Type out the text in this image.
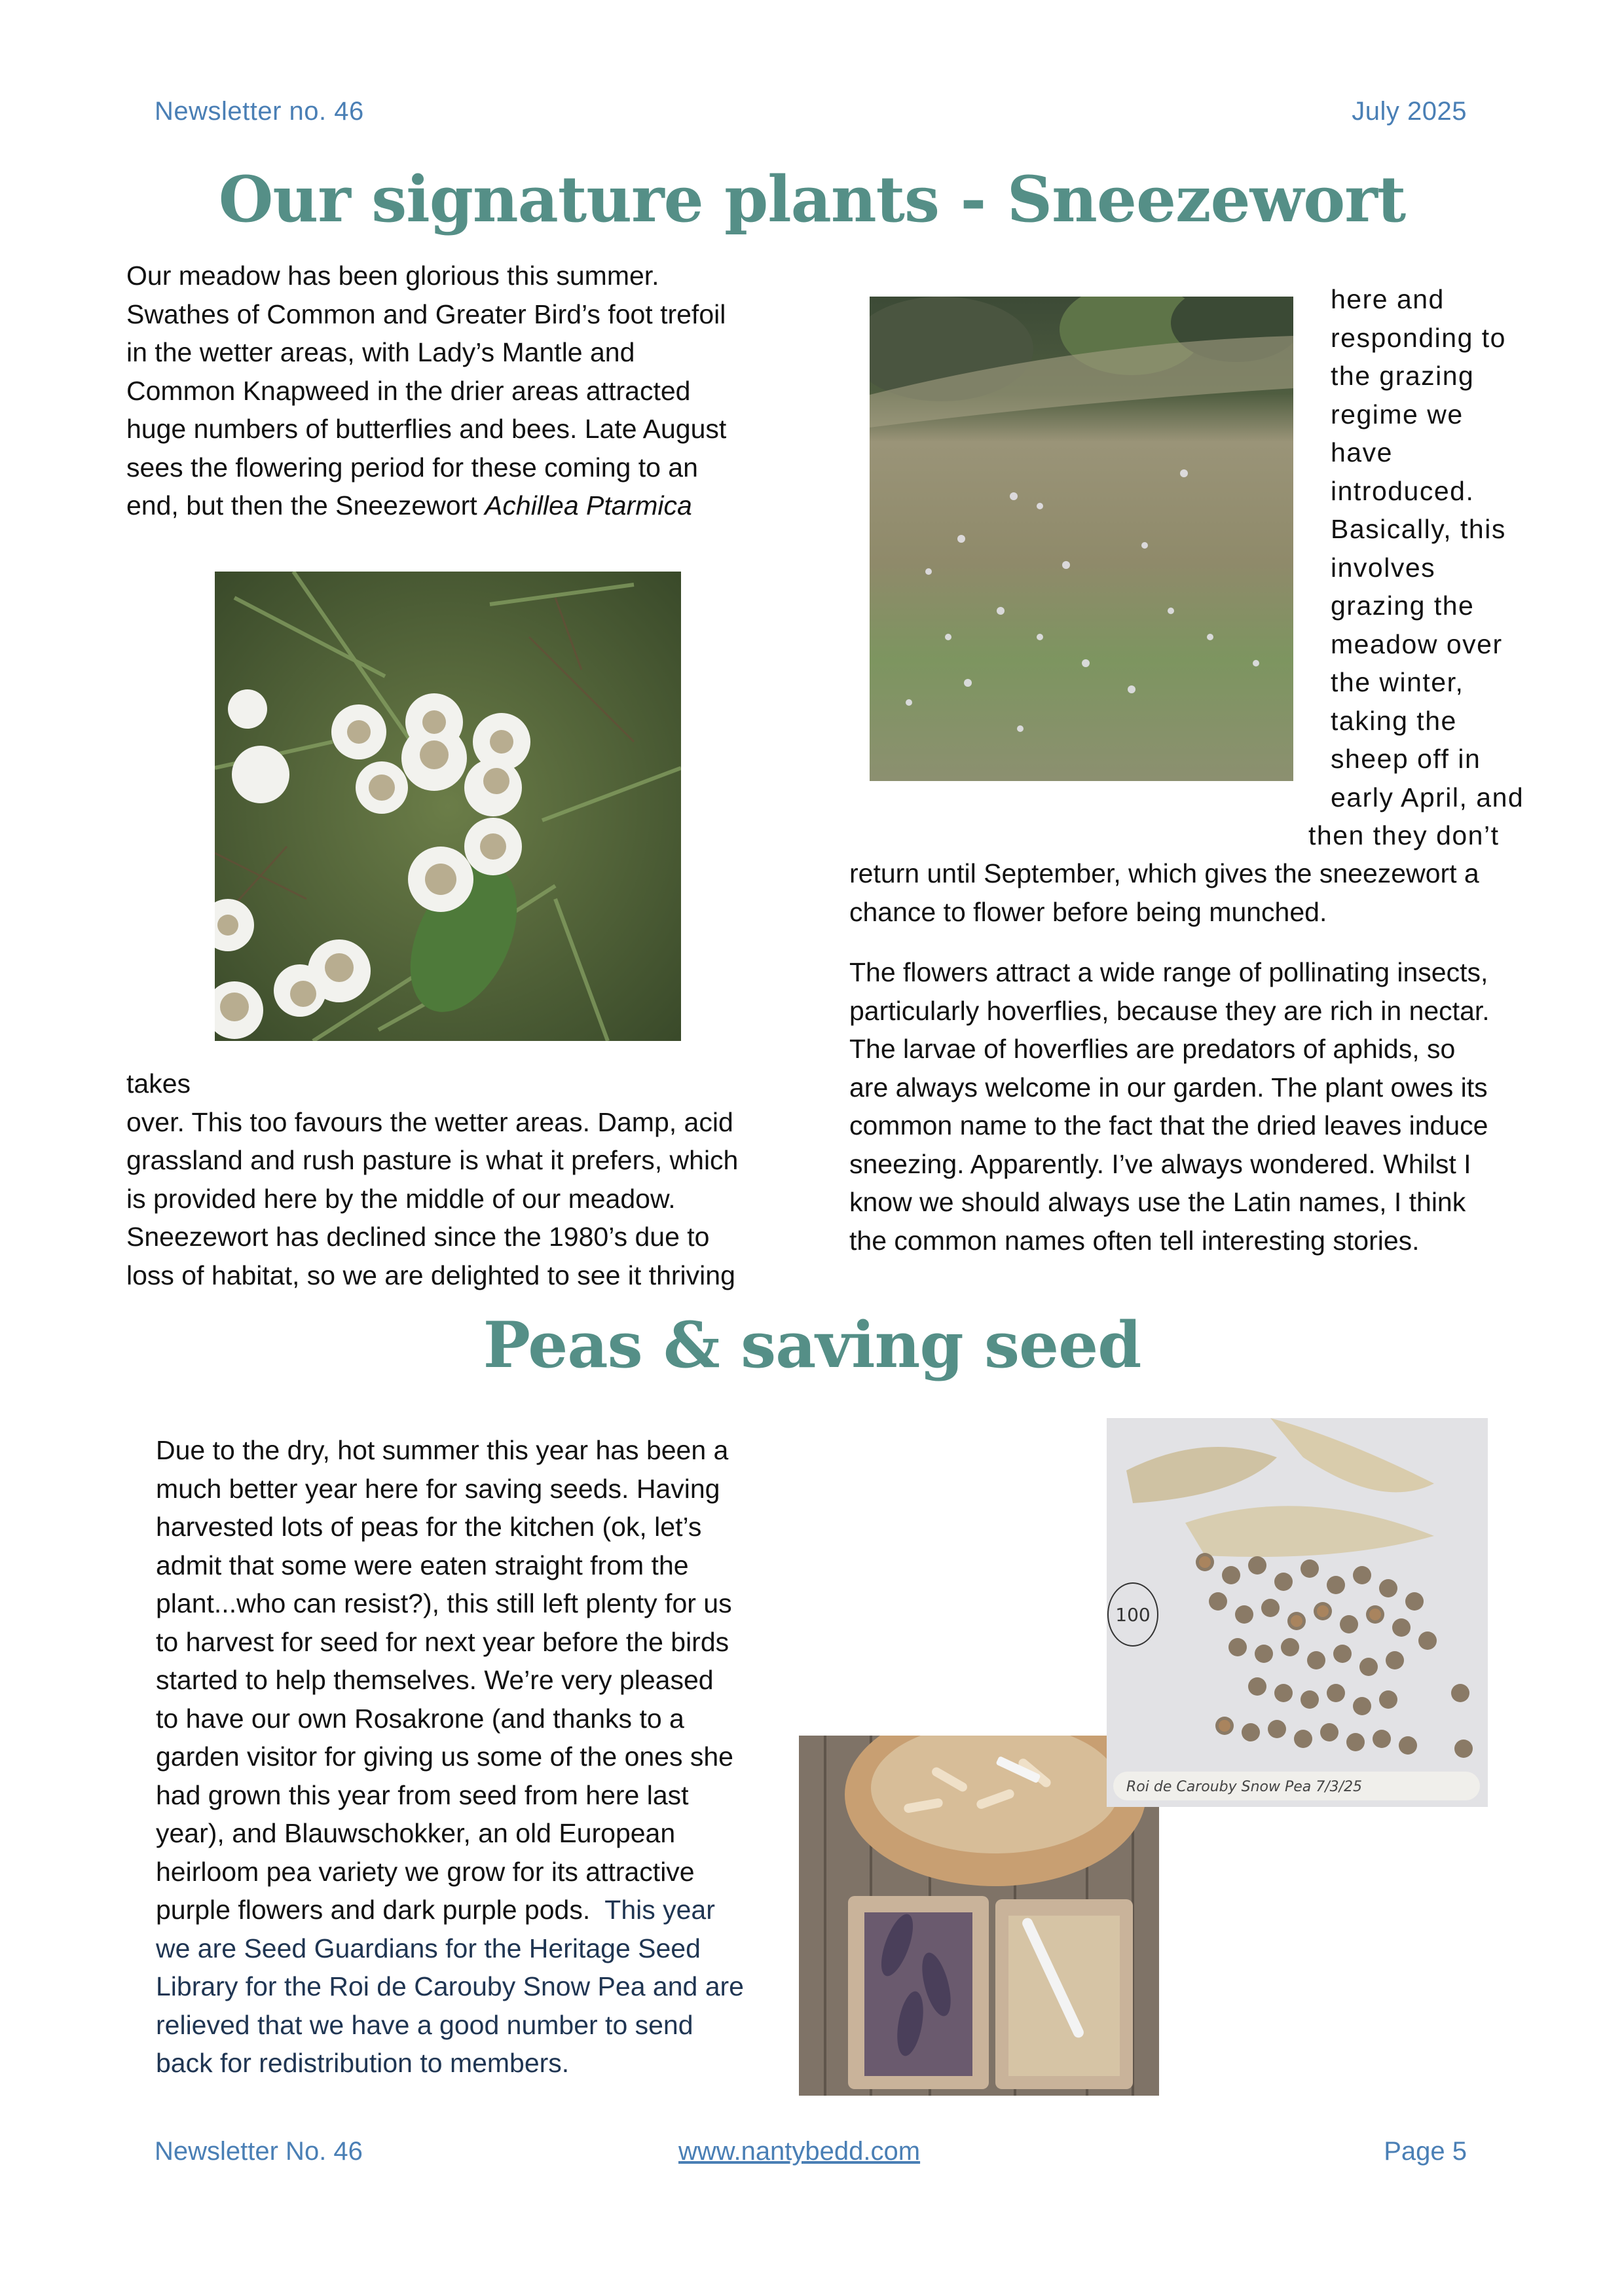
Newsletter no. 46	July 2025
Our signature plants - Sneezewort
Our meadow has been glorious this summer.
Swathes of Common and Greater Bird’s foot trefoil
in the wetter areas, with Lady’s Mantle and
Common Knapweed in the drier areas attracted
huge numbers of butterflies and bees. Late August
sees the flowering period for these coming to an
end, but then the Sneezewort Achillea Ptarmica
takes
over. This too favours the wetter areas. Damp, acid
grassland and rush pasture is what it prefers, which
is provided here by the middle of our meadow.
Sneezewort has declined since the 1980’s due to
loss of habitat, so we are delighted to see it thriving
here and
responding to
the grazing
regime we
have
introduced.
Basically, this
involves
grazing the
meadow over
the winter,
taking the
sheep off in
early April, and
then they don’t
return until September, which gives the sneezewort a
chance to flower before being munched.
The flowers attract a wide range of pollinating insects,
particularly hoverflies, because they are rich in nectar.
The larvae of hoverflies are predators of aphids, so
are always welcome in our garden. The plant owes its
common name to the fact that the dried leaves induce
sneezing. Apparently. I’ve always wondered. Whilst I
know we should always use the Latin names, I think
the common names often tell interesting stories.
Peas & saving seed
Due to the dry, hot summer this year has been a
much better year here for saving seeds. Having
harvested lots of peas for the kitchen (ok, let’s
admit that some were eaten straight from the
plant...who can resist?), this still left plenty for us
to harvest for seed for next year before the birds
started to help themselves. We’re very pleased
to have our own Rosakrone (and thanks to a
garden visitor for giving us some of the ones she
had grown this year from seed from here last
year), and Blauwschokker, an old European
heirloom pea variety we grow for its attractive
purple flowers and dark purple pods.  This year
we are Seed Guardians for the Heritage Seed
Library for the Roi de Carouby Snow Pea and are
relieved that we have a good number to send
back for redistribution to members.
100
Roi de Carouby Snow Pea 7/3/25
Newsletter No. 46	www.nantybedd.com	Page 5
